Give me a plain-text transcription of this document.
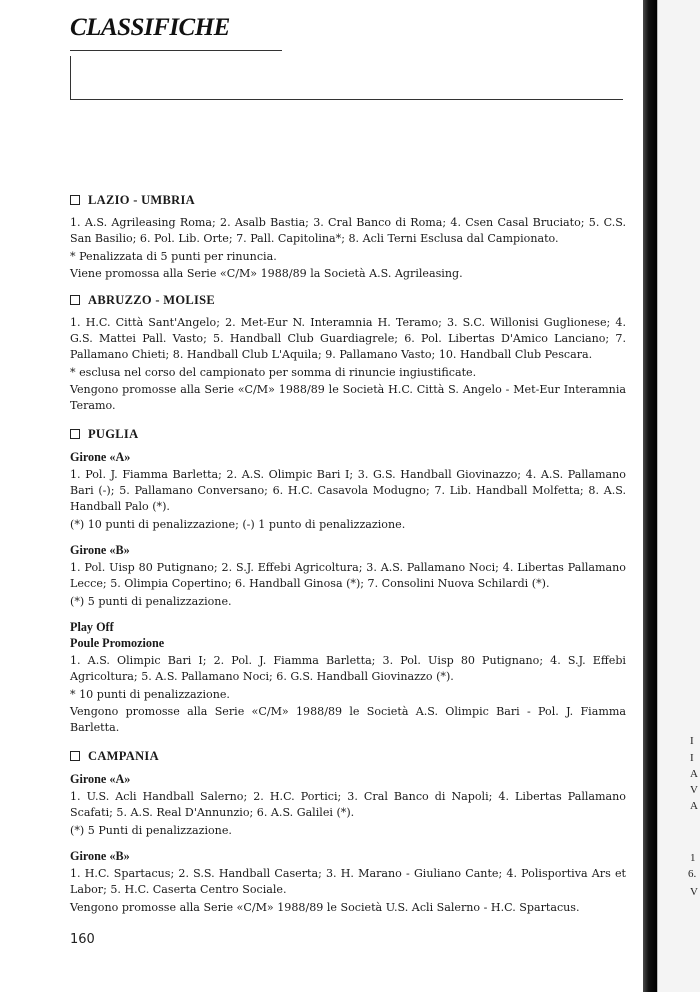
CLASSIFICHE
LAZIO - UMBRIA

1. A.S. Agrileasing Roma; 2. Asalb Bastia; 3. Cral Banco di Roma; 4. Csen Casal Bruciato; 5. C.S. San Basilio; 6. Pol. Lib. Orte; 7. Pall. Capitolina*; 8. Acli Terni Esclusa dal Campionato.

* Penalizzata di 5 punti per rinuncia.

Viene promossa alla Serie «C/M» 1988/89 la Società A.S. Agrileasing.

ABRUZZO - MOLISE

1. H.C. Città Sant'Angelo; 2. Met-Eur N. Interamnia H. Teramo; 3. S.C. Willonisi Guglionese; 4. G.S. Mattei Pall. Vasto; 5. Handball Club Guardiagrele; 6. Pol. Libertas D'Amico Lanciano; 7. Pallamano Chieti; 8. Handball Club L'Aquila; 9. Pallamano Vasto; 10. Handball Club Pescara.

* esclusa nel corso del campionato per somma di rinuncie ingiustificate.

Vengono promosse alla Serie «C/M» 1988/89 le Società H.C. Città S. Angelo - Met-Eur Interamnia Teramo.

PUGLIA
Girone «A»

1. Pol. J. Fiamma Barletta; 2. A.S. Olimpic Bari I; 3. G.S. Handball Giovinazzo; 4. A.S. Pallamano Bari (-); 5. Pallamano Conversano; 6. H.C. Casavola Modugno; 7. Lib. Handball Molfetta; 8. A.S. Handball Palo (*).

(*) 10 punti di penalizzazione; (-) 1 punto di penalizzazione.

Girone «B»

1. Pol. Uisp 80 Putignano; 2. S.J. Effebi Agricoltura; 3. A.S. Pallamano Noci; 4. Libertas Pallamano Lecce; 5. Olimpia Copertino; 6. Handball Ginosa (*); 7. Consolini Nuova Schilardi (*).

(*) 5 punti di penalizzazione.

Play Off
Poule Promozione

1. A.S. Olimpic Bari I; 2. Pol. J. Fiamma Barletta; 3. Pol. Uisp 80 Putignano; 4. S.J. Effebi Agricoltura; 5. A.S. Pallamano Noci; 6. G.S. Handball Giovinazzo (*).

* 10 punti di penalizzazione.

Vengono promosse alla Serie «C/M» 1988/89 le Società A.S. Olimpic Bari - Pol. J. Fiamma Barletta.

CAMPANIA
Girone «A»

1. U.S. Acli Handball Salerno; 2. H.C. Portici; 3. Cral Banco di Napoli; 4. Libertas Pallamano Scafati; 5. A.S. Real D'Annunzio; 6. A.S. Galilei (*).

(*) 5 Punti di penalizzazione.

Girone «B»

1. H.C. Spartacus; 2. S.S. Handball Caserta; 3. H. Marano - Giuliano Cante; 4. Polisportiva Ars et Labor; 5. H.C. Caserta Centro Sociale.

Vengono promosse alla Serie «C/M» 1988/89 le Società U.S. Acli Salerno - H.C. Spartacus.

160
I
I
A
V
A
1
6.
V
